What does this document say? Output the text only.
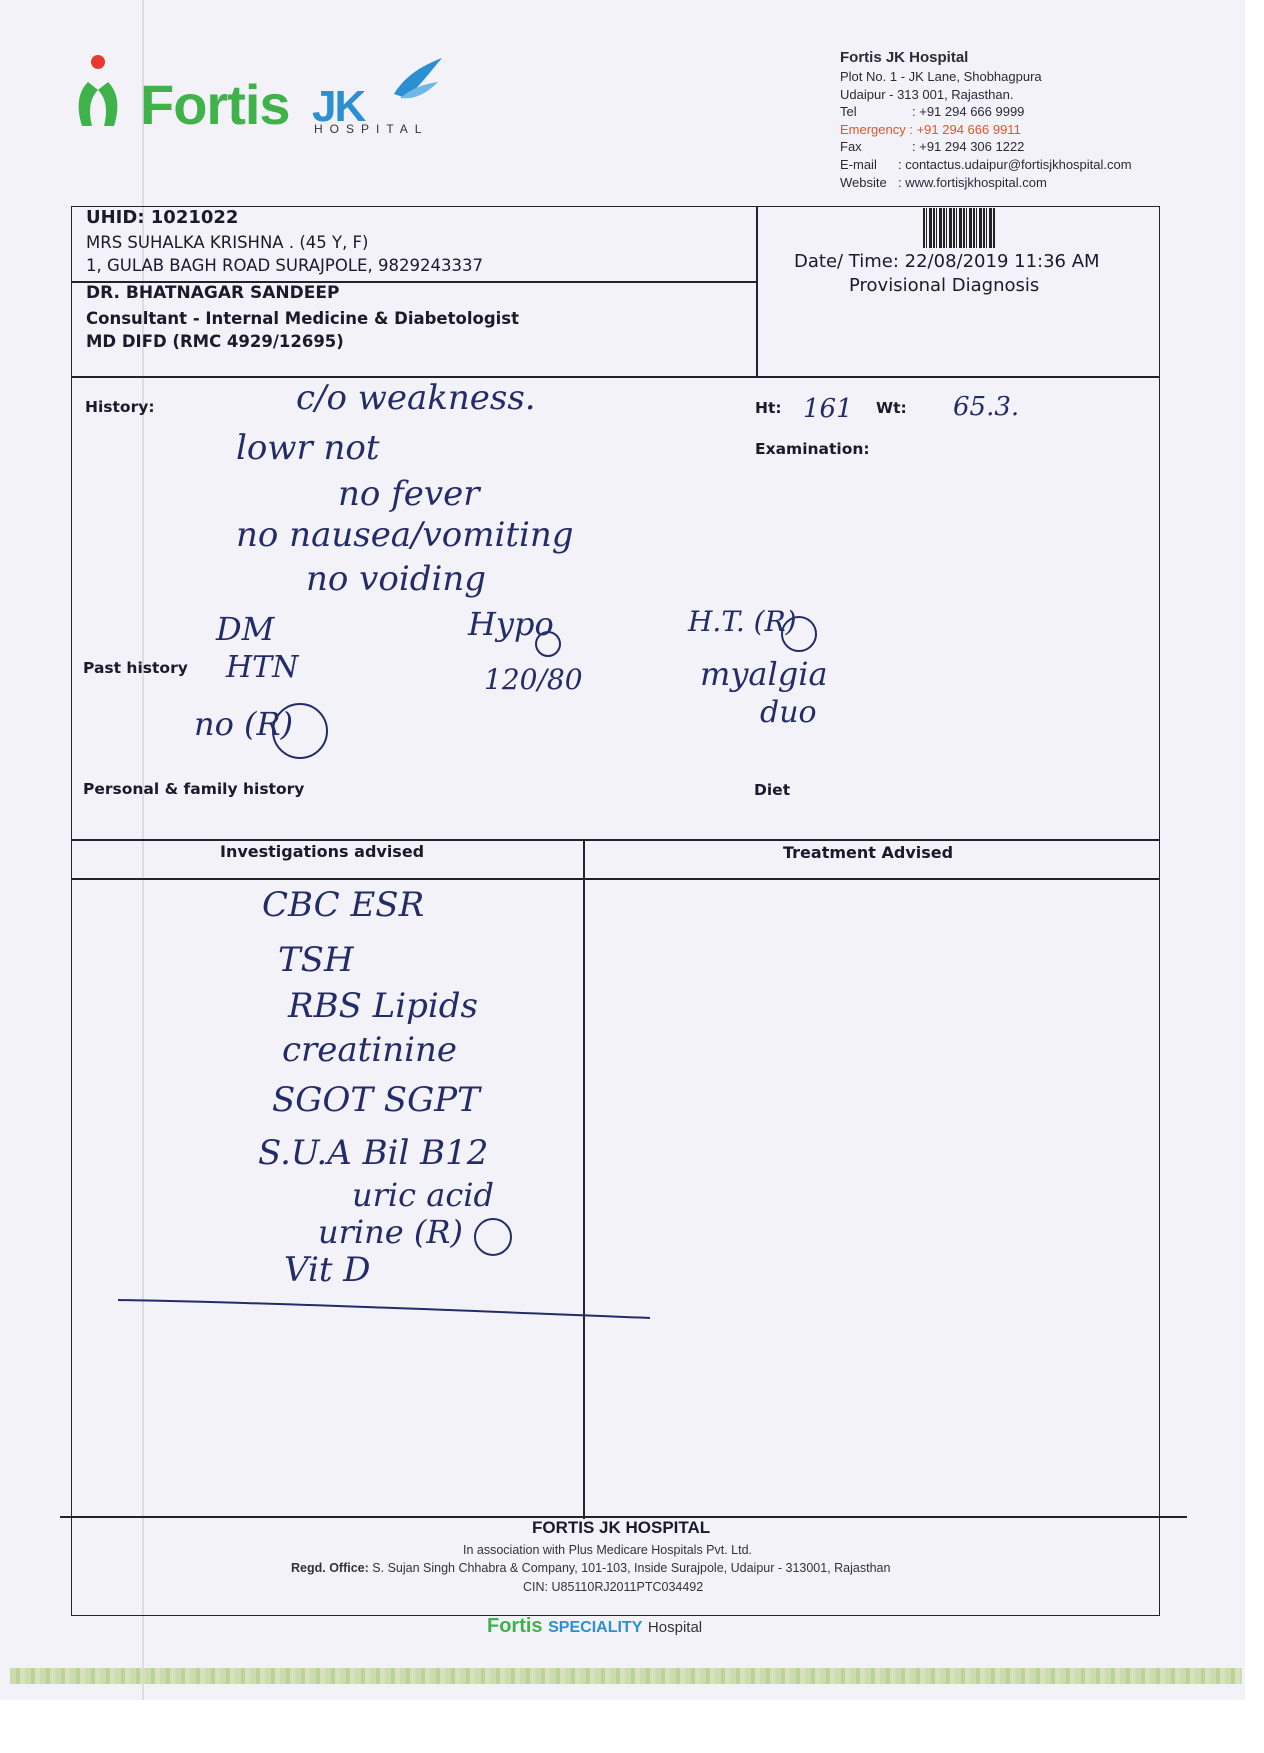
Fortis JK
HOSPITAL
Fortis JK Hospital
Plot No. 1 - JK Lane, Shobhagpura
Udaipur - 313 001, Rajasthan.
Tel	: +91 294 666 9999
Emergency : +91 294 666 9911
Fax	: +91 294 306 1222
E-mail	: contactus.udaipur@fortisjkhospital.com
Website : www.fortisjkhospital.com
UHID: 1021022
MRS SUHALKA KRISHNA . (45 Y, F)
1, GULAB BAGH ROAD SURAJPOLE, 9829243337
DR. BHATNAGAR SANDEEP
Consultant - Internal Medicine & Diabetologist
MD DIFD (RMC 4929/12695)
Date/ Time: 22/08/2019 11:36 AM
Provisional Diagnosis
History:	Ht:	Wt:
Examination:
Past history
Personal & family history	Diet
Investigations advised	Treatment Advised
161	65.3.
c/o weakness.
lowr not
no fever
no nausea/vomiting
no voiding
DM
HTN
Hypo
120/80
H.T. (R)
myalgia
duo
no (R)
CBC ESR
TSH
RBS Lipids
creatinine
SGOT SGPT
S.U.A Bil B12
uric acid
urine (R)
Vit D
FORTIS JK HOSPITAL
In association with Plus Medicare Hospitals Pvt. Ltd.
Regd. Office: S. Sujan Singh Chhabra & Company, 101-103, Inside Surajpole, Udaipur - 313001, Rajasthan
CIN: U85110RJ2011PTC034492
Fortis SPECIALITY Hospital
